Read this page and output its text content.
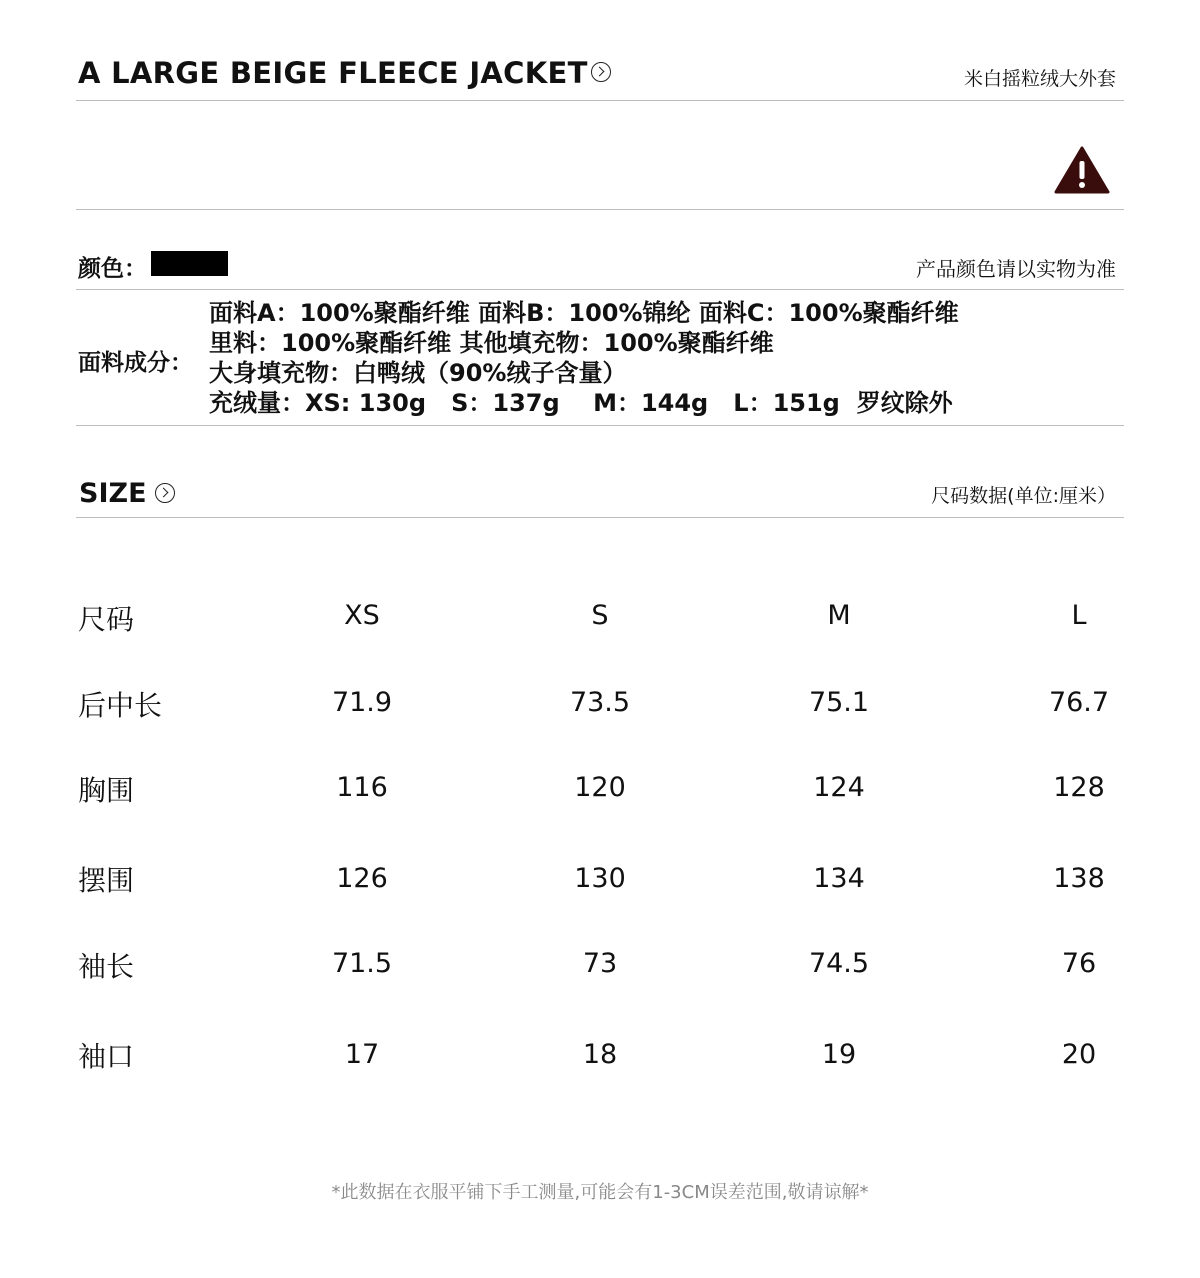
A LARGE BEIGE FLEECE JACKET	米白摇粒绒大外套
颜色：	产品颜色请以实物为准
面料成分：
面料A：100%聚酯纤维 面料B：100%锦纶 面料C：100%聚酯纤维
里料：100%聚酯纤维 其他填充物：100%聚酯纤维
大身填充物：白鸭绒（90%绒子含量）
充绒量：XS: 130g   S：137g    M：144g   L：151g  罗纹除外
SIZE	尺码数据(单位:厘米）
尺码	XS	S	M	L
后中长	71.9	73.5	75.1	76.7
胸围	116	120	124	128
摆围	126	130	134	138
袖长	71.5	73	74.5	76
袖口	17	18	19	20
*此数据在衣服平铺下手工测量,可能会有1-3CM误差范围,敬请谅解*
